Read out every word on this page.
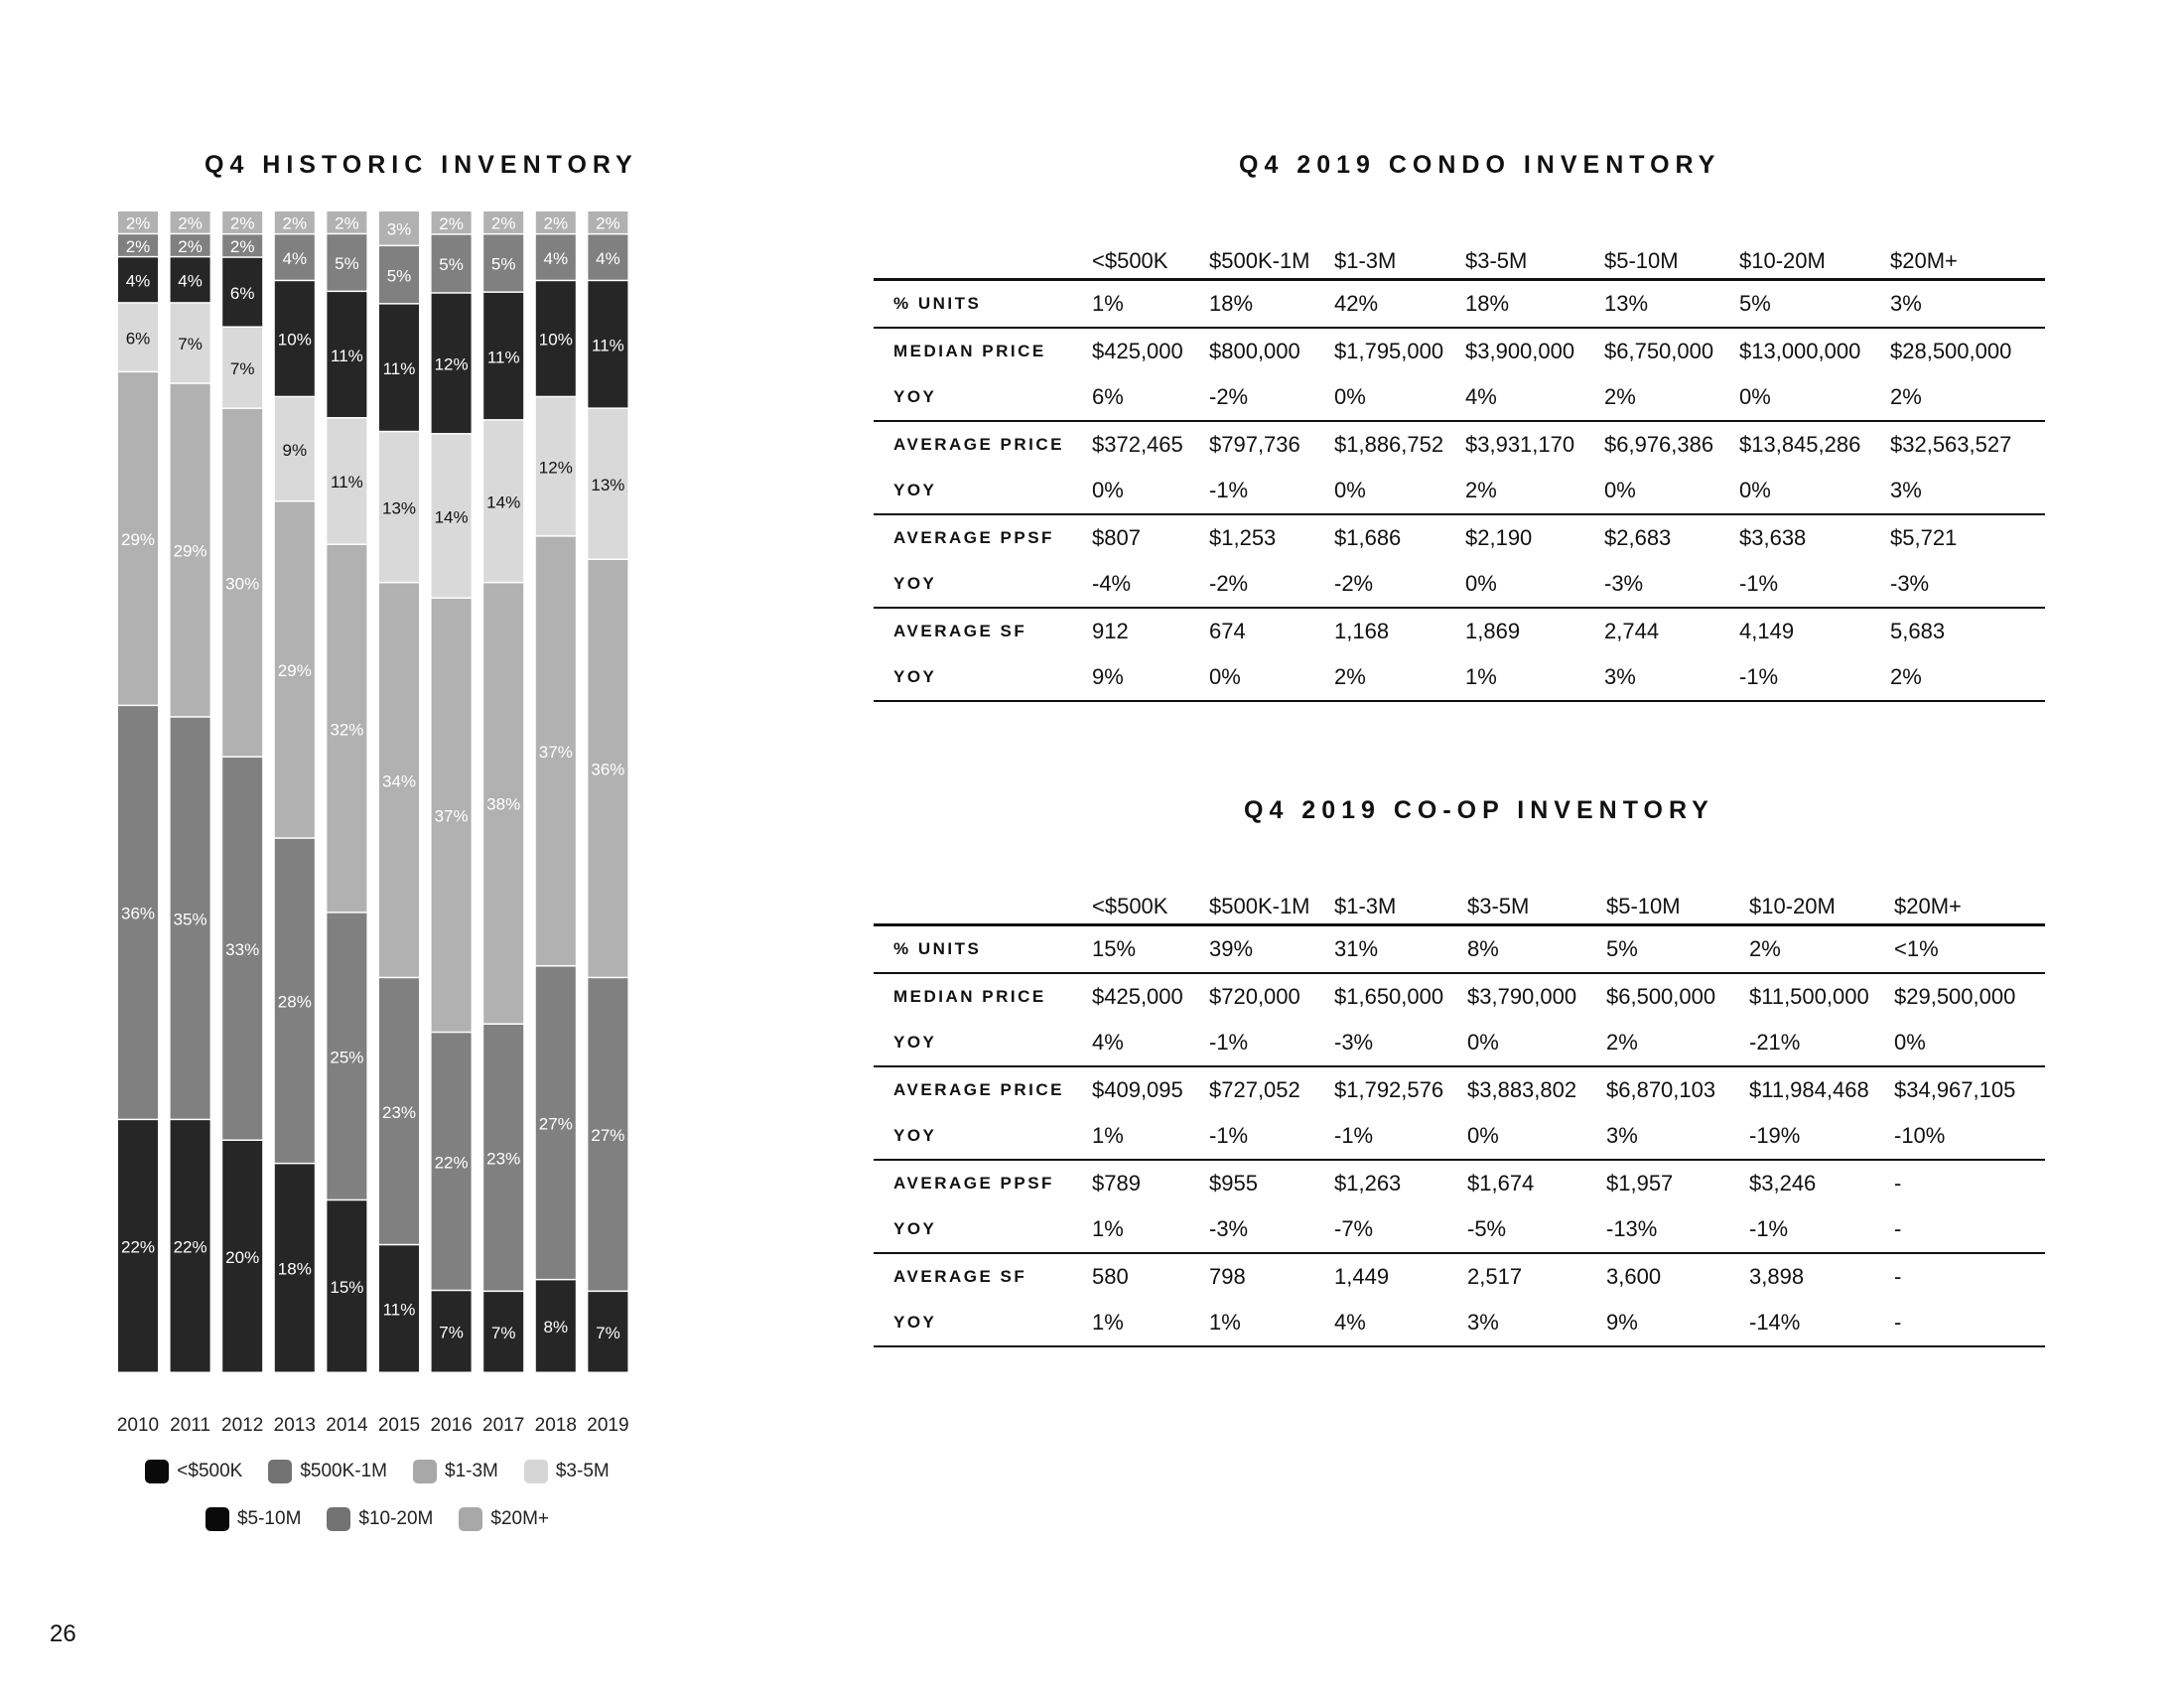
Q4 HISTORIC INVENTORY	Q4 2019 CONDO INVENTORY
Q4 2019 CO-OP INVENTORY
22%
36%
29%
6%
4%
2%
2%
2010
22%
35%
29%
7%
4%
2%
2%
2011
20%
33%
30%
7%
6%
2%
2%
2012
18%
28%
29%
9%
10%
4%
2%
2013
15%
25%
32%
11%
11%
5%
2%
2014
11%
23%
34%
13%
11%
5%
3%
2015
7%
22%
37%
14%
12%
5%
2%
2016
7%
23%
38%
14%
11%
5%
2%
2017
8%
27%
37%
12%
10%
4%
2%
2018
7%
27%
36%
13%
11%
4%
2%
2019
<$500K	$500K-1M	$1-3M	$3-5M
$5-10M	$10-20M	$20M+
	<$500K	$500K-1M	$1-3M	$3-5M	$5-10M	$10-20M	$20M+
% UNITS	1%	18%	42%	18%	13%	5%	3%
MEDIAN PRICE	$425,000	$800,000	$1,795,000	$3,900,000	$6,750,000	$13,000,000	$28,500,000
YOY	6%	-2%	0%	4%	2%	0%	2%
AVERAGE PRICE	$372,465	$797,736	$1,886,752	$3,931,170	$6,976,386	$13,845,286	$32,563,527
YOY	0%	-1%	0%	2%	0%	0%	3%
AVERAGE PPSF	$807	$1,253	$1,686	$2,190	$2,683	$3,638	$5,721
YOY	-4%	-2%	-2%	0%	-3%	-1%	-3%
AVERAGE SF	912	674	1,168	1,869	2,744	4,149	5,683
YOY	9%	0%	2%	1%	3%	-1%	2%
	<$500K	$500K-1M	$1-3M	$3-5M	$5-10M	$10-20M	$20M+
% UNITS	15%	39%	31%	8%	5%	2%	<1%
MEDIAN PRICE	$425,000	$720,000	$1,650,000	$3,790,000	$6,500,000	$11,500,000	$29,500,000
YOY	4%	-1%	-3%	0%	2%	-21%	0%
AVERAGE PRICE	$409,095	$727,052	$1,792,576	$3,883,802	$6,870,103	$11,984,468	$34,967,105
YOY	1%	-1%	-1%	0%	3%	-19%	-10%
AVERAGE PPSF	$789	$955	$1,263	$1,674	$1,957	$3,246	-
YOY	1%	-3%	-7%	-5%	-13%	-1%	-
AVERAGE SF	580	798	1,449	2,517	3,600	3,898	-
YOY	1%	1%	4%	3%	9%	-14%	-
26
